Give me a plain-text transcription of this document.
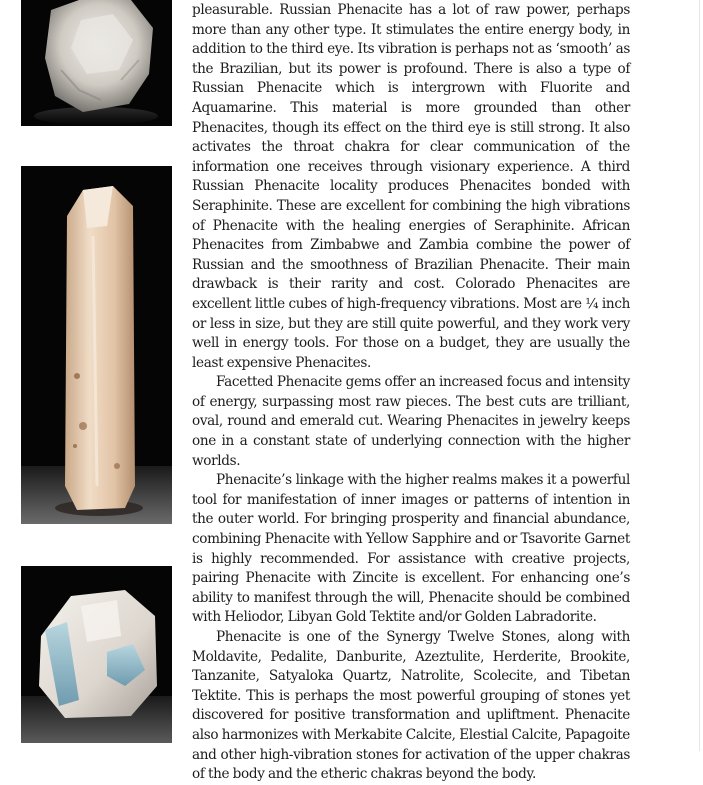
pleasurable. Russian Phenacite has a lot of raw power, perhaps more than any other type. It stimulates the entire energy body, in addition to the third eye. Its vibration is perhaps not as ‘smooth’ as the Brazilian, but its power is profound. There is also a type of Russian Phenacite which is intergrown with Fluorite and Aquamarine. This material is more grounded than other Phenacites, though its effect on the third eye is still strong. It also activates the throat chakra for clear communication of the information one receives through visionary experience. A third Russian Phenacite locality produces Phenacites bonded with Seraphinite. These are excellent for combining the high vibrations of Phenacite with the healing energies of Seraphinite. African Phenacites from Zimbabwe and Zambia combine the power of Russian and the smoothness of Brazilian Phenacite. Their main drawback is their rarity and cost. Colorado Phenacites are excellent little cubes of high-frequency vibrations. Most are ¼ inch or less in size, but they are still quite powerful, and they work very well in energy tools. For those on a budget, they are usually the least expensive Phenacites.

Facetted Phenacite gems offer an increased focus and intensity of energy, surpassing most raw pieces. The best cuts are trilliant, oval, round and emerald cut. Wearing Phenacites in jewelry keeps one in a constant state of underlying connection with the higher worlds.

Phenacite’s linkage with the higher realms makes it a powerful tool for manifestation of inner images or patterns of intention in the outer world. For bringing prosperity and financial abundance, combining Phenacite with Yellow Sapphire and or Tsavorite Garnet is highly recommended. For assistance with creative projects, pairing Phenacite with Zincite is excellent. For enhancing one’s ability to manifest through the will, Phenacite should be combined with Heliodor, Libyan Gold Tektite and/or Golden Labradorite.

Phenacite is one of the Synergy Twelve Stones, along with Moldavite, Pedalite, Danburite, Azeztulite, Herderite, Brookite, Tanzanite, Satyaloka Quartz, Natrolite, Scolecite, and Tibetan Tektite. This is perhaps the most powerful grouping of stones yet discovered for positive transformation and upliftment. Phenacite also harmonizes with Merkabite Calcite, Elestial Calcite, Papagoite and other high-vibration stones for activation of the upper chakras of the body and the etheric chakras beyond the body.
